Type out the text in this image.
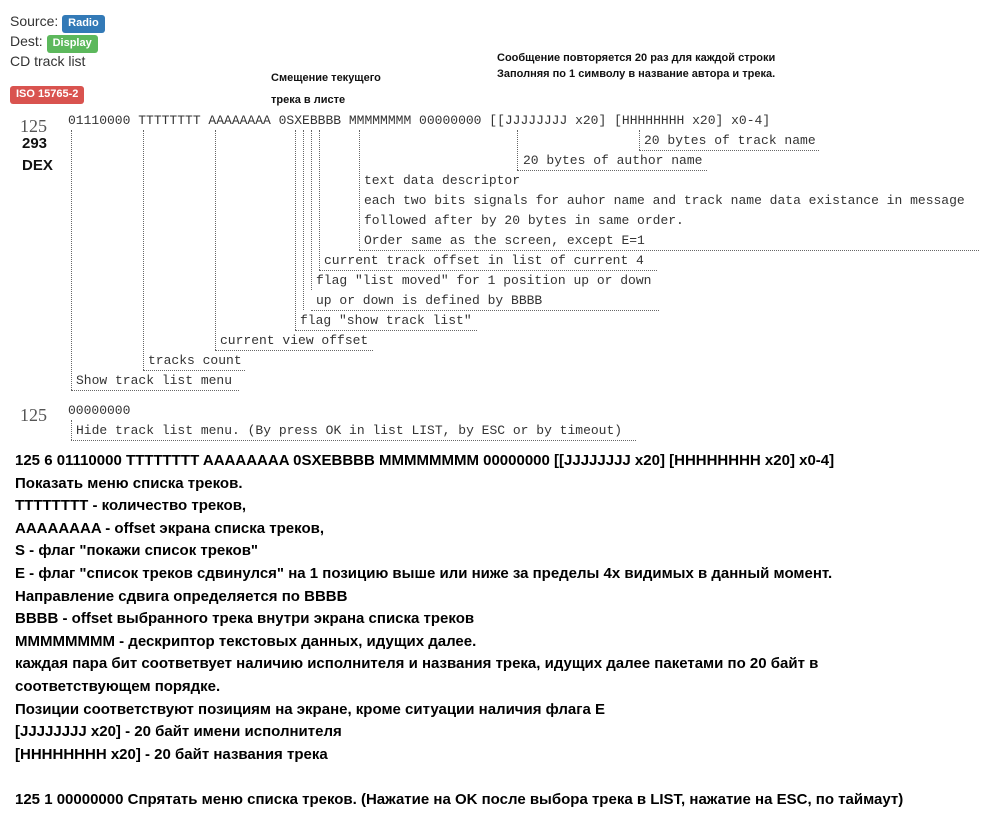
Source: Radio
Dest: Display
CD track list
ISO 15765-2
Смещение текущего
трека в листе
Сообщение повторяется 20 раз для каждой строки
Заполняя по 1 символу в название автора и трека.
125
293
DEX
125
01110000 TTTTTTTT AAAAAAAA 0SXEBBBB MMMMMMMM 00000000 [[JJJJJJJJ x20] [HHHHHHHH x20] x0-4]
20 bytes of track name
20 bytes of author name
text data descriptor
each two bits signals for auhor name and track name data existance in message
followed after by 20 bytes in same order.
Order same as the screen, except E=1
current track offset in list of current 4
flag "list moved" for 1 position up or down
up or down is defined by BBBB
flag "show track list"
current view offset
tracks count
Show track list menu
00000000
Hide track list menu. (By press OK in list LIST, by ESC or by timeout)
125 6 01110000 TTTTTTTT AAAAAAAA 0SXEBBBB MMMMMMMM 00000000 [[JJJJJJJJ x20] [HHHHHHHH x20] x0-4]
Показать меню списка треков.
TTTTTTTT - количество треков,
AAAAAAAA - offset экрана списка треков,
S - флаг "покажи список треков"
E - флаг "список треков сдвинулся" на 1 позицию выше или ниже за пределы 4х видимых в данный момент.
Направление сдвига определяется по BBBB
BBBB - offset выбранного трека внутри экрана списка треков
MMMMMMMM - дескриптор текстовых данных, идущих далее.
каждая пара бит соответвует наличию исполнителя и названия трека, идущих далее пакетами по 20 байт в
соответствующем порядке.
Позиции соответствуют позициям на экране, кроме ситуации наличия флага E
[JJJJJJJJ x20] - 20 байт имени исполнителя
[HHHHHHHH x20] - 20 байт названия трека
125 1 00000000 Спрятать меню списка треков. (Нажатие на OK после выбора трека в LIST, нажатие на ESC, по таймаут)
